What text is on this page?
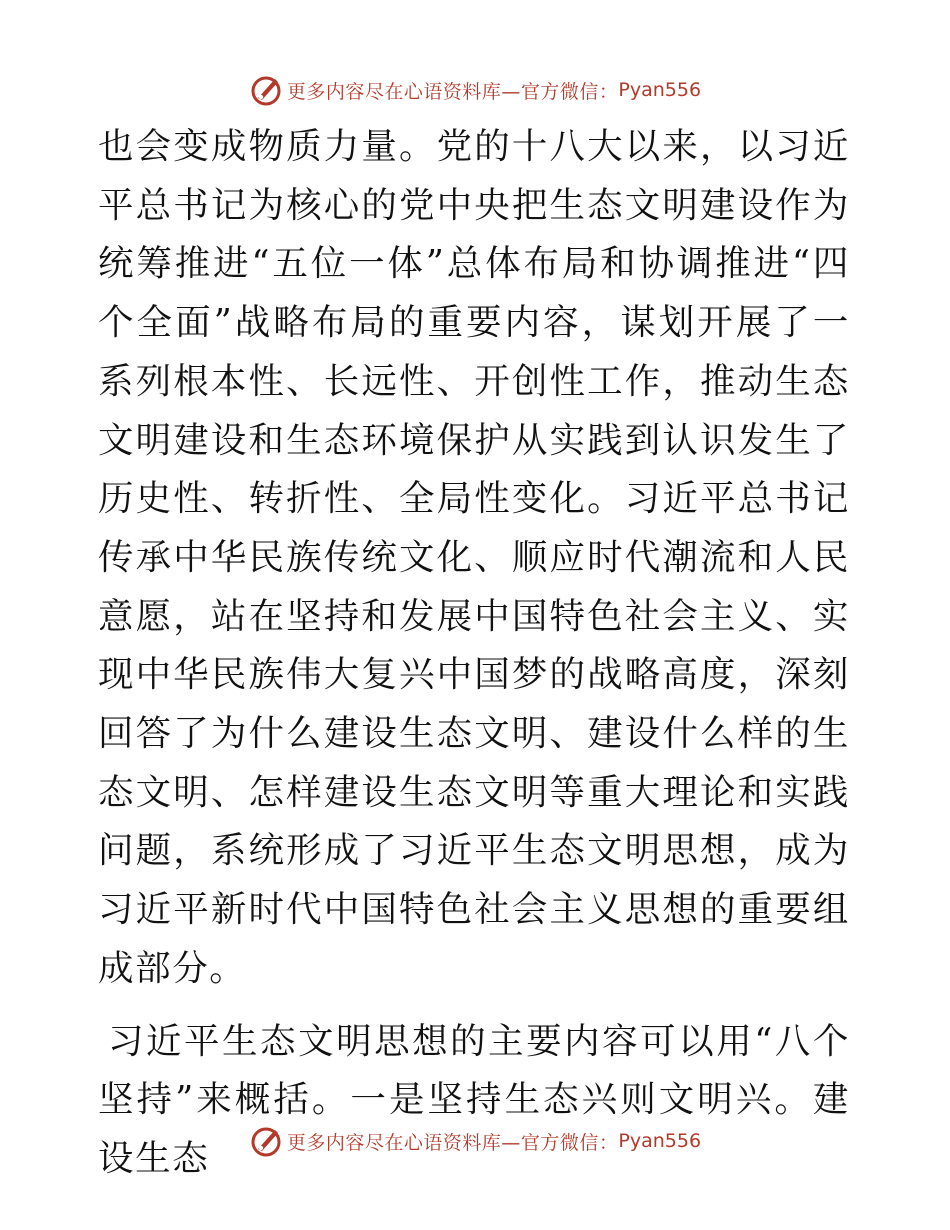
更多内容尽在心语资料库—官方微信： Pyan556

也会变成物质力量。党的十八大以来，以习近平总书记为核心的党中央把生态文明建设作为统筹推进“五位一体”总体布局和协调推进“四个全面”战略布局的重要内容，谋划开展了一系列根本性、长远性、开创性工作，推动生态文明建设和生态环境保护从实践到认识发生了历史性、转折性、全局性变化。习近平总书记传承中华民族传统文化、顺应时代潮流和人民意愿，站在坚持和发展中国特色社会主义、实现中华民族伟大复兴中国梦的战略高度，深刻回答了为什么建设生态文明、建设什么样的生态文明、怎样建设生态文明等重大理论和实践问题，系统形成了习近平生态文明思想，成为习近平新时代中国特色社会主义思想的重要组成部分。

习近平生态文明思想的主要内容可以用“八个坚持”来概括。一是坚持生态兴则文明兴。建设生态	更多内容尽在心语资料库—官方微信： Pyan556
